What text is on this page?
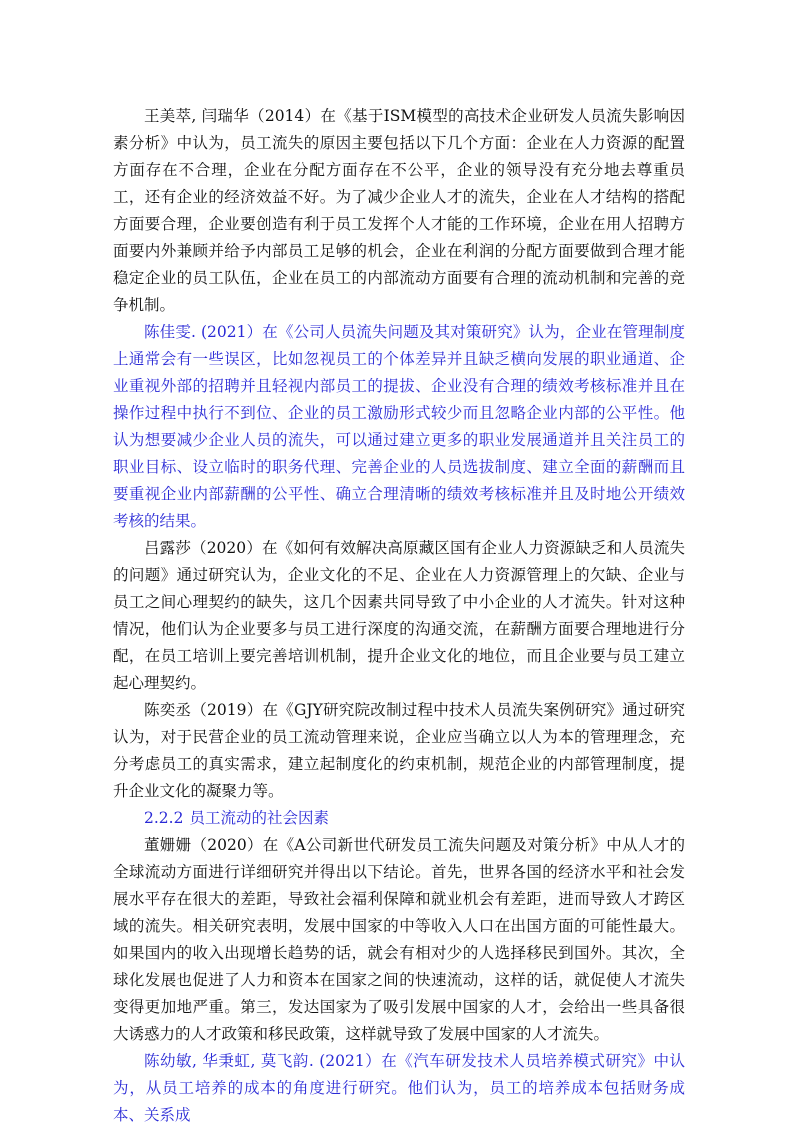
王美萃, 闫瑞华（2014）在《基于ISM模型的高技术企业研发人员流失影响因素分析》中认为，员工流失的原因主要包括以下几个方面：企业在人力资源的配置方面存在不合理，企业在分配方面存在不公平，企业的领导没有充分地去尊重员工，还有企业的经济效益不好。为了减少企业人才的流失，企业在人才结构的搭配方面要合理，企业要创造有利于员工发挥个人才能的工作环境，企业在用人招聘方面要内外兼顾并给予内部员工足够的机会，企业在利润的分配方面要做到合理才能稳定企业的员工队伍，企业在员工的内部流动方面要有合理的流动机制和完善的竞争机制。

陈佳雯. (2021）在《公司人员流失问题及其对策研究》认为，企业在管理制度上通常会有一些误区，比如忽视员工的个体差异并且缺乏横向发展的职业通道、企业重视外部的招聘并且轻视内部员工的提拔、企业没有合理的绩效考核标准并且在操作过程中执行不到位、企业的员工激励形式较少而且忽略企业内部的公平性。他认为想要减少企业人员的流失，可以通过建立更多的职业发展通道并且关注员工的职业目标、设立临时的职务代理、完善企业的人员选拔制度、建立全面的薪酬而且要重视企业内部薪酬的公平性、确立合理清晰的绩效考核标准并且及时地公开绩效考核的结果。

吕露莎（2020）在《如何有效解决高原藏区国有企业人力资源缺乏和人员流失的问题》通过研究认为，企业文化的不足、企业在人力资源管理上的欠缺、企业与员工之间心理契约的缺失，这几个因素共同导致了中小企业的人才流失。针对这种情况，他们认为企业要多与员工进行深度的沟通交流，在薪酬方面要合理地进行分配，在员工培训上要完善培训机制，提升企业文化的地位，而且企业要与员工建立起心理契约。

陈奕丞（2019）在《GJY研究院改制过程中技术人员流失案例研究》通过研究认为，对于民营企业的员工流动管理来说，企业应当确立以人为本的管理理念，充分考虑员工的真实需求，建立起制度化的约束机制，规范企业的内部管理制度，提升企业文化的凝聚力等。

2.2.2 员工流动的社会因素

董姗姗（2020）在《A公司新世代研发员工流失问题及对策分析》中从人才的全球流动方面进行详细研究并得出以下结论。首先，世界各国的经济水平和社会发展水平存在很大的差距，导致社会福利保障和就业机会有差距，进而导致人才跨区域的流失。相关研究表明，发展中国家的中等收入人口在出国方面的可能性最大。如果国内的收入出现增长趋势的话，就会有相对少的人选择移民到国外。其次，全球化发展也促进了人力和资本在国家之间的快速流动，这样的话，就促使人才流失变得更加地严重。第三，发达国家为了吸引发展中国家的人才，会给出一些具备很大诱惑力的人才政策和移民政策，这样就导致了发展中国家的人才流失。

陈幼敏, 华秉虹, 莫飞韵. (2021）在《汽车研发技术人员培养模式研究》中认为，从员工培养的成本的角度进行研究。他们认为，员工的培养成本包括财务成本、关系成
